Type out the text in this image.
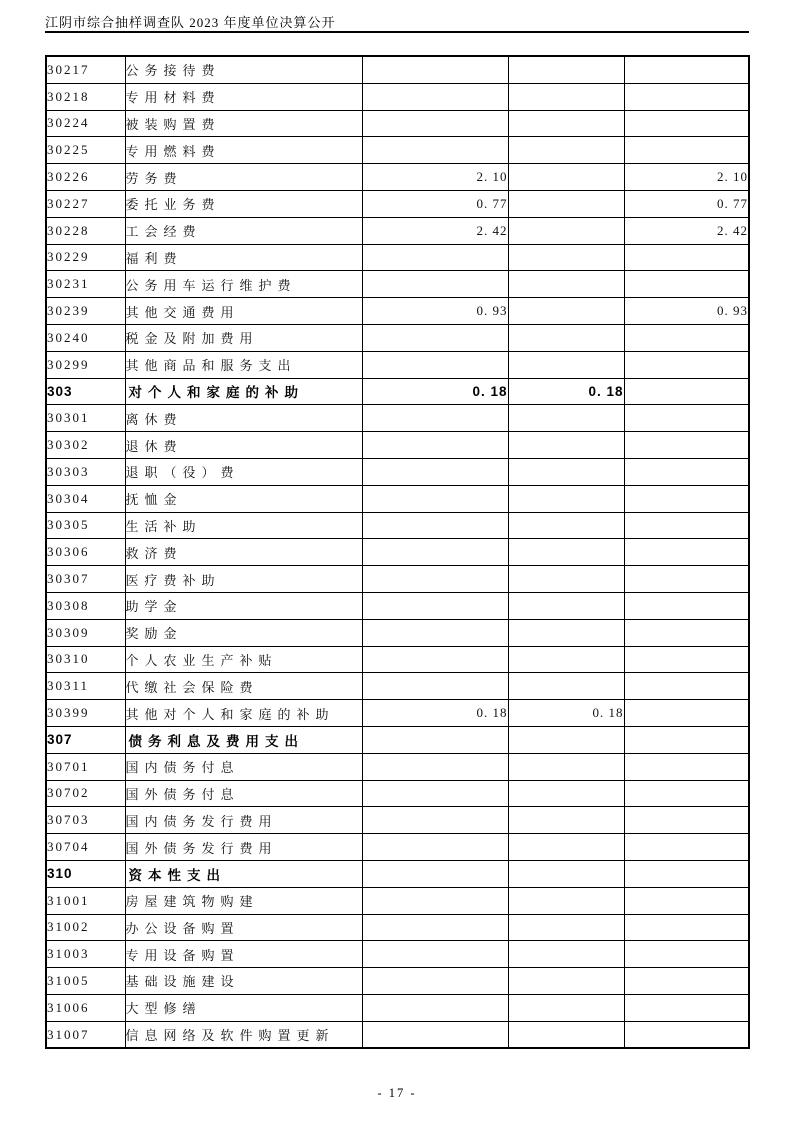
江阴市综合抽样调查队 2023 年度单位决算公开
30217	公务接待费			
30218	专用材料费			
30224	被装购置费			
30225	专用燃料费			
30226	劳务费	2. 10		2. 10
30227	委托业务费	0. 77		0. 77
30228	工会经费	2. 42		2. 42
30229	福利费			
30231	公务用车运行维护费			
30239	其他交通费用	0. 93		0. 93
30240	税金及附加费用			
30299	其他商品和服务支出			
303	对个人和家庭的补助	0. 18	0. 18	
30301	离休费			
30302	退休费			
30303	退职（役）费			
30304	抚恤金			
30305	生活补助			
30306	救济费			
30307	医疗费补助			
30308	助学金			
30309	奖励金			
30310	个人农业生产补贴			
30311	代缴社会保险费			
30399	其他对个人和家庭的补助	0. 18	0. 18	
307	债务利息及费用支出			
30701	国内债务付息			
30702	国外债务付息			
30703	国内债务发行费用			
30704	国外债务发行费用			
310	资本性支出			
31001	房屋建筑物购建			
31002	办公设备购置			
31003	专用设备购置			
31005	基础设施建设			
31006	大型修缮			
31007	信息网络及软件购置更新			
- 17 -
